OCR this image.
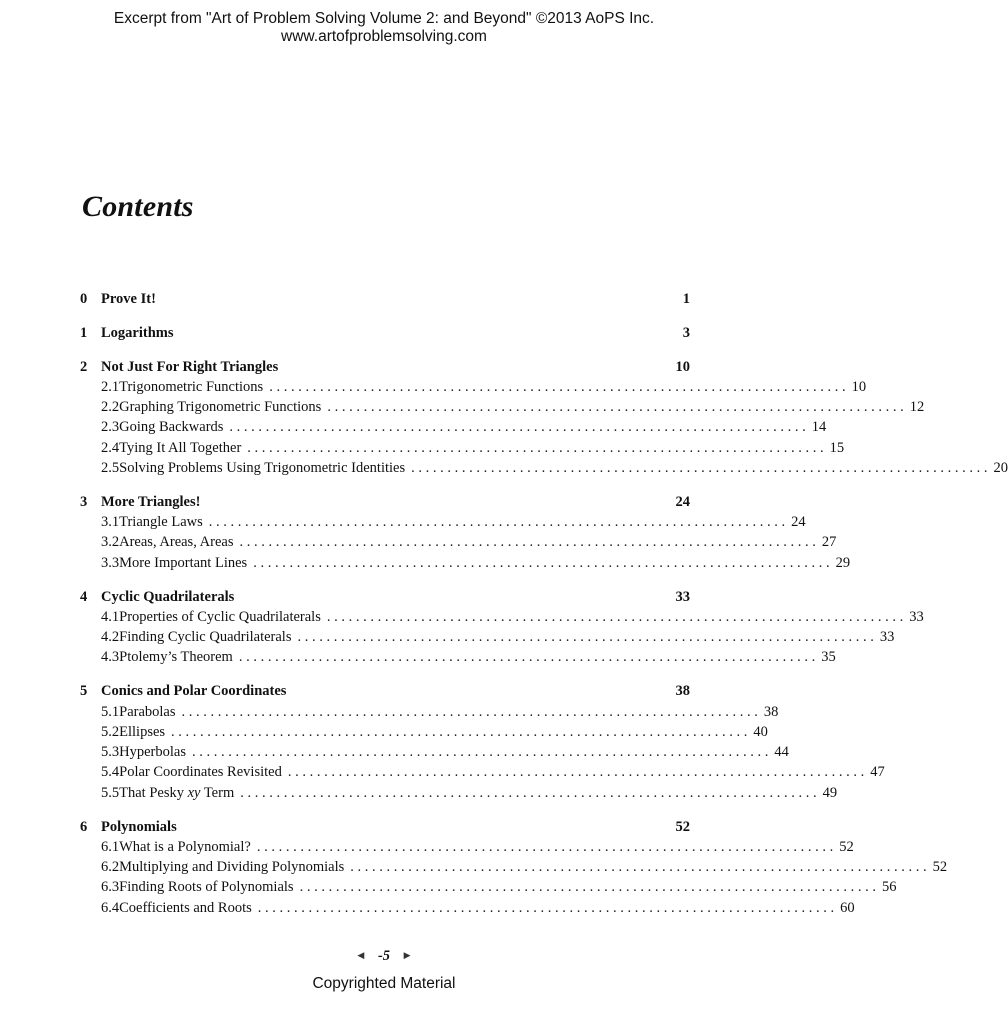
Excerpt from "Art of Problem Solving Volume 2: and Beyond" ©2013 AoPS Inc.
www.artofproblemsolving.com
Contents
0 Prove It!	1
1 Logarithms	3
2 Not Just For Right Triangles	10
2.1 Trigonometric Functions . . . . . . . . . . . . . . . . . . . . . . . . . . . . . . . . . . . . . . . . . . . . . . . . . . . . . . . . . . . . . . . . . . . . . . . . . . . . . . . . 10
2.2 Graphing Trigonometric Functions . . . . . . . . . . . . . . . . . . . . . . . . . . . . . . . . . . . . . . . . . . . . . . . . . . . . . . . . . . . . . . . . . . . . . . . . . . . . . . . . 12
2.3 Going Backwards . . . . . . . . . . . . . . . . . . . . . . . . . . . . . . . . . . . . . . . . . . . . . . . . . . . . . . . . . . . . . . . . . . . . . . . . . . . . . . . . 14
2.4 Tying It All Together . . . . . . . . . . . . . . . . . . . . . . . . . . . . . . . . . . . . . . . . . . . . . . . . . . . . . . . . . . . . . . . . . . . . . . . . . . . . . . . . 15
2.5 Solving Problems Using Trigonometric Identities . . . . . . . . . . . . . . . . . . . . . . . . . . . . . . . . . . . . . . . . . . . . . . . . . . . . . . . . . . . . . . . . . . . . . . . . . . . . . . . . 20
3 More Triangles!	24
3.1 Triangle Laws . . . . . . . . . . . . . . . . . . . . . . . . . . . . . . . . . . . . . . . . . . . . . . . . . . . . . . . . . . . . . . . . . . . . . . . . . . . . . . . . 24
3.2 Areas, Areas, Areas . . . . . . . . . . . . . . . . . . . . . . . . . . . . . . . . . . . . . . . . . . . . . . . . . . . . . . . . . . . . . . . . . . . . . . . . . . . . . . . . 27
3.3 More Important Lines . . . . . . . . . . . . . . . . . . . . . . . . . . . . . . . . . . . . . . . . . . . . . . . . . . . . . . . . . . . . . . . . . . . . . . . . . . . . . . . . 29
4 Cyclic Quadrilaterals	33
4.1 Properties of Cyclic Quadrilaterals . . . . . . . . . . . . . . . . . . . . . . . . . . . . . . . . . . . . . . . . . . . . . . . . . . . . . . . . . . . . . . . . . . . . . . . . . . . . . . . . 33
4.2 Finding Cyclic Quadrilaterals . . . . . . . . . . . . . . . . . . . . . . . . . . . . . . . . . . . . . . . . . . . . . . . . . . . . . . . . . . . . . . . . . . . . . . . . . . . . . . . . 33
4.3 Ptolemy’s Theorem . . . . . . . . . . . . . . . . . . . . . . . . . . . . . . . . . . . . . . . . . . . . . . . . . . . . . . . . . . . . . . . . . . . . . . . . . . . . . . . . 35
5 Conics and Polar Coordinates	38
5.1 Parabolas . . . . . . . . . . . . . . . . . . . . . . . . . . . . . . . . . . . . . . . . . . . . . . . . . . . . . . . . . . . . . . . . . . . . . . . . . . . . . . . . 38
5.2 Ellipses . . . . . . . . . . . . . . . . . . . . . . . . . . . . . . . . . . . . . . . . . . . . . . . . . . . . . . . . . . . . . . . . . . . . . . . . . . . . . . . . 40
5.3 Hyperbolas . . . . . . . . . . . . . . . . . . . . . . . . . . . . . . . . . . . . . . . . . . . . . . . . . . . . . . . . . . . . . . . . . . . . . . . . . . . . . . . . 44
5.4 Polar Coordinates Revisited . . . . . . . . . . . . . . . . . . . . . . . . . . . . . . . . . . . . . . . . . . . . . . . . . . . . . . . . . . . . . . . . . . . . . . . . . . . . . . . . 47
5.5 That Pesky xy Term . . . . . . . . . . . . . . . . . . . . . . . . . . . . . . . . . . . . . . . . . . . . . . . . . . . . . . . . . . . . . . . . . . . . . . . . . . . . . . . . 49
6 Polynomials	52
6.1 What is a Polynomial? . . . . . . . . . . . . . . . . . . . . . . . . . . . . . . . . . . . . . . . . . . . . . . . . . . . . . . . . . . . . . . . . . . . . . . . . . . . . . . . . 52
6.2 Multiplying and Dividing Polynomials . . . . . . . . . . . . . . . . . . . . . . . . . . . . . . . . . . . . . . . . . . . . . . . . . . . . . . . . . . . . . . . . . . . . . . . . . . . . . . . . 52
6.3 Finding Roots of Polynomials . . . . . . . . . . . . . . . . . . . . . . . . . . . . . . . . . . . . . . . . . . . . . . . . . . . . . . . . . . . . . . . . . . . . . . . . . . . . . . . . 56
6.4 Coefficients and Roots . . . . . . . . . . . . . . . . . . . . . . . . . . . . . . . . . . . . . . . . . . . . . . . . . . . . . . . . . . . . . . . . . . . . . . . . . . . . . . . . 60
◀ -5 ▶
Copyrighted Material
